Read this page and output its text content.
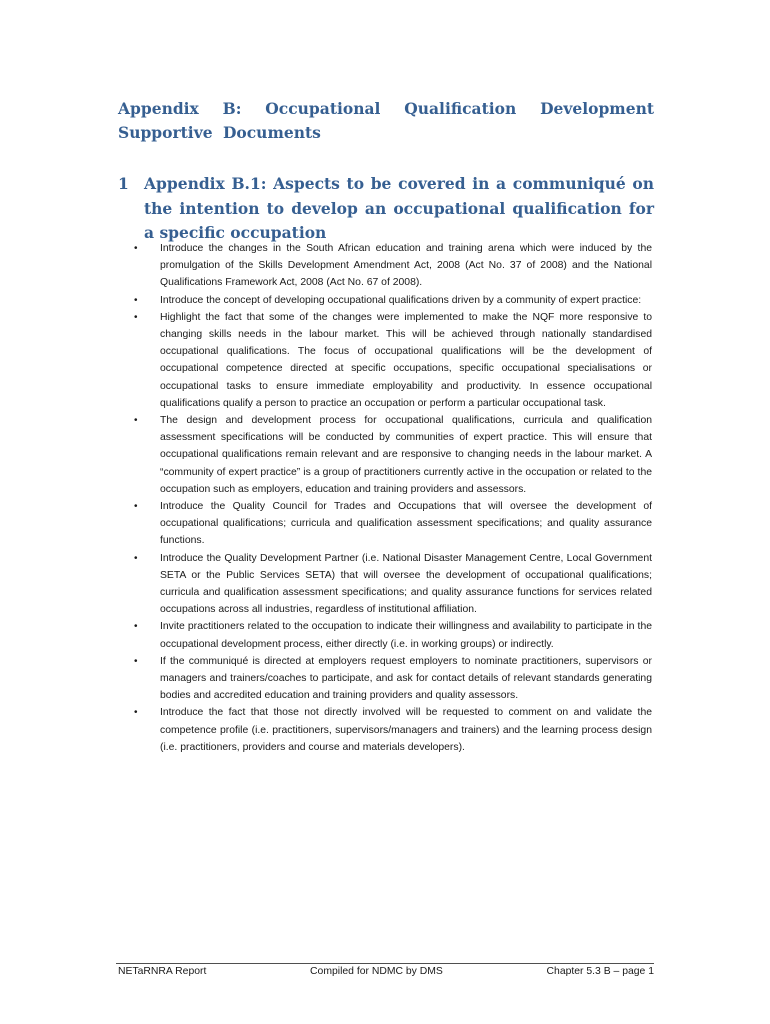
Appendix B: Occupational Qualification Development Supportive Documents
1 Appendix B.1: Aspects to be covered in a communiqué on the intention to develop an occupational qualification for a specific occupation
•	Introduce the changes in the South African education and training arena which were induced by the promulgation of the Skills Development Amendment Act, 2008 (Act No. 37 of 2008) and the National Qualifications Framework Act, 2008 (Act No. 67 of 2008).
•	Introduce the concept of developing occupational qualifications driven by a community of expert practice:
•	Highlight the fact that some of the changes were implemented to make the NQF more responsive to changing skills needs in the labour market. This will be achieved through nationally standardised occupational qualifications. The focus of occupational qualifications will be the development of occupational competence directed at specific occupations, specific occupational specialisations or occupational tasks to ensure immediate employability and productivity. In essence occupational qualifications qualify a person to practice an occupation or perform a particular occupational task.
•	The design and development process for occupational qualifications, curricula and qualification assessment specifications will be conducted by communities of expert practice. This will ensure that occupational qualifications remain relevant and are responsive to changing needs in the labour market. A “community of expert practice” is a group of practitioners currently active in the occupation or related to the occupation such as employers, education and training providers and assessors.
•	Introduce the Quality Council for Trades and Occupations that will oversee the development of occupational qualifications; curricula and qualification assessment specifications; and quality assurance functions.
•	Introduce the Quality Development Partner (i.e. National Disaster Management Centre, Local Government SETA or the Public Services SETA) that will oversee the development of occupational qualifications; curricula and qualification assessment specifications; and quality assurance functions for services related occupations across all industries, regardless of institutional affiliation.
•	Invite practitioners related to the occupation to indicate their willingness and availability to participate in the occupational development process, either directly (i.e. in working groups) or indirectly.
•	If the communiqué is directed at employers request employers to nominate practitioners, supervisors or managers and trainers/coaches to participate, and ask for contact details of relevant standards generating bodies and accredited education and training providers and quality assessors.
•	Introduce the fact that those not directly involved will be requested to comment on and validate the competence profile (i.e. practitioners, supervisors/managers and trainers) and the learning process design (i.e. practitioners, providers and course and materials developers).
NETaRNRA Report	Compiled for NDMC by DMS	Chapter 5.3 B – page 1
